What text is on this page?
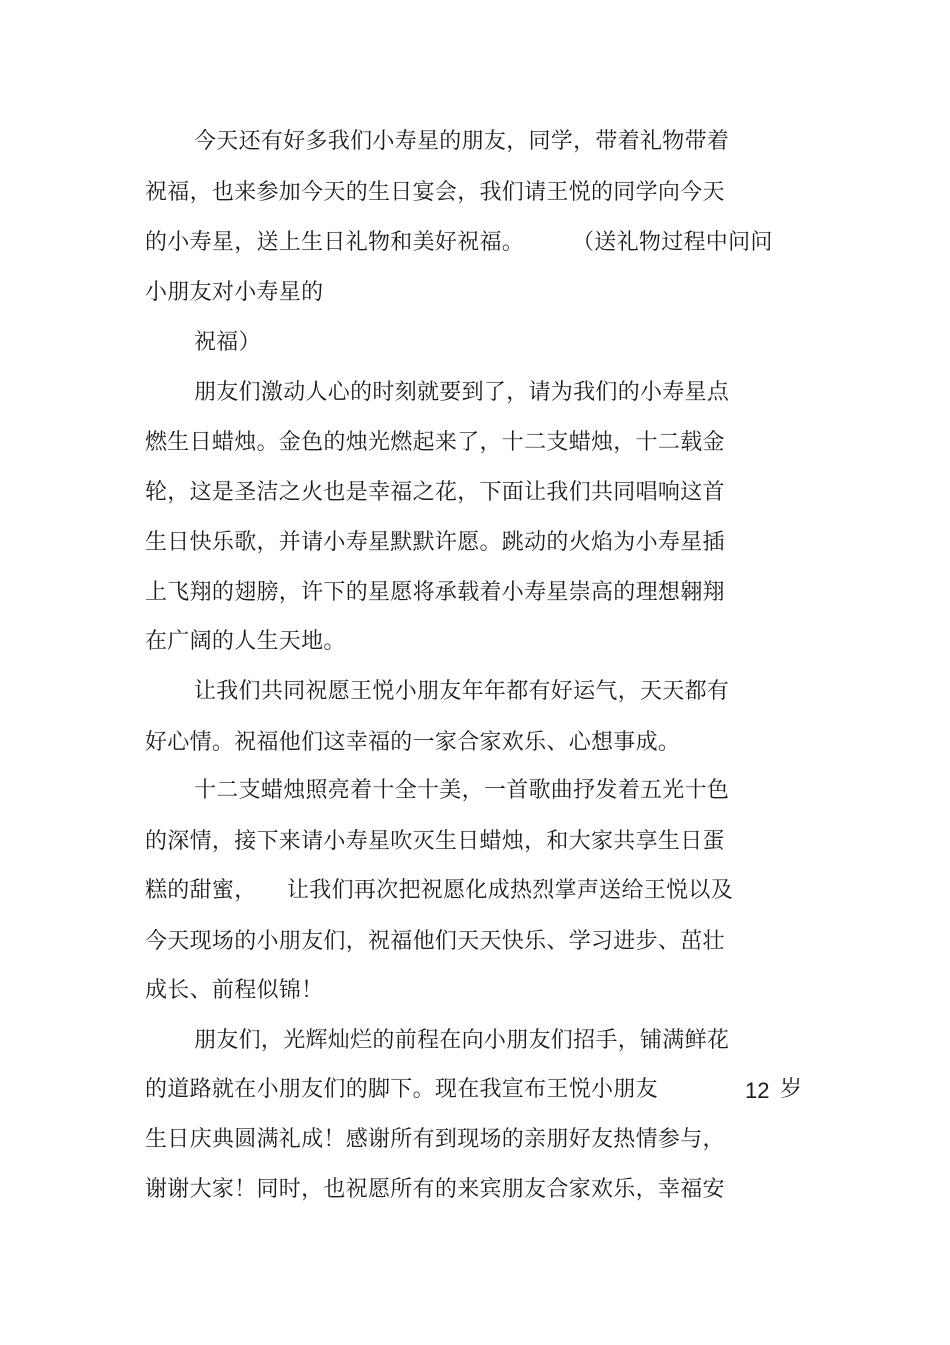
今天还有好多我们小寿星的朋友，同学，带着礼物带着
祝福，也来参加今天的生日宴会，我们请王悦的同学向今天
的小寿星，送上生日礼物和美好祝福。 （送礼物过程中问问
小朋友对小寿星的
祝福）
朋友们激动人心的时刻就要到了，请为我们的小寿星点
燃生日蜡烛。金色的烛光燃起来了，十二支蜡烛，十二载金
轮，这是圣洁之火也是幸福之花，下面让我们共同唱响这首
生日快乐歌，并请小寿星默默许愿。跳动的火焰为小寿星插
上飞翔的翅膀，许下的星愿将承载着小寿星崇高的理想翱翔
在广阔的人生天地。
让我们共同祝愿王悦小朋友年年都有好运气，天天都有
好心情。祝福他们这幸福的一家合家欢乐、心想事成。
十二支蜡烛照亮着十全十美，一首歌曲抒发着五光十色
的深情，接下来请小寿星吹灭生日蜡烛，和大家共享生日蛋
糕的甜蜜， 让我们再次把祝愿化成热烈掌声送给王悦以及
今天现场的小朋友们，祝福他们天天快乐、学习进步、茁壮
成长、前程似锦！
朋友们，光辉灿烂的前程在向小朋友们招手，铺满鲜花
的道路就在小朋友们的脚下。现在我宣布王悦小朋友	12 岁
生日庆典圆满礼成！感谢所有到现场的亲朋好友热情参与，
谢谢大家！同时，也祝愿所有的来宾朋友合家欢乐，幸福安
